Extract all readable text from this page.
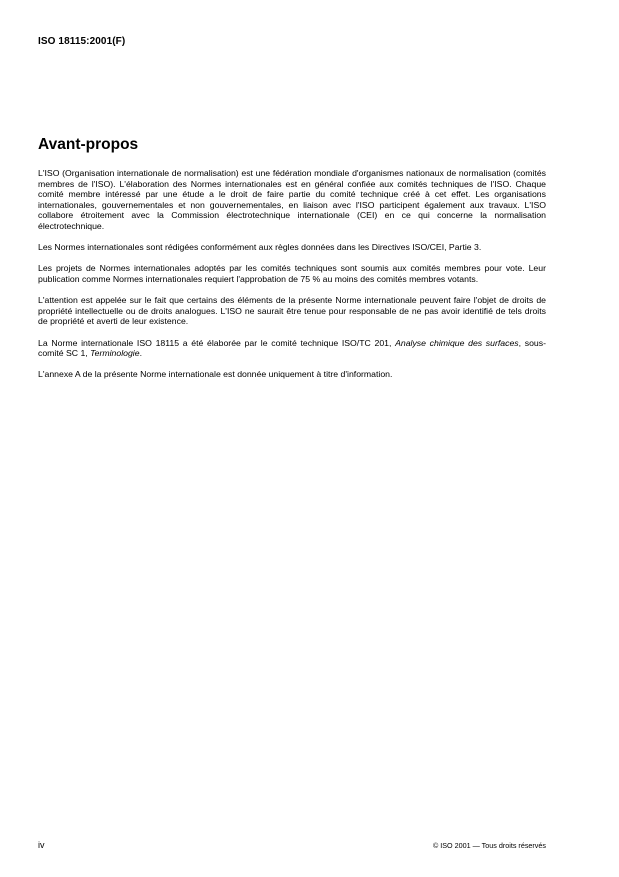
ISO 18115:2001(F)
Avant-propos

L'ISO (Organisation internationale de normalisation) est une fédération mondiale d'organismes nationaux de normalisation (comités membres de l'ISO). L'élaboration des Normes internationales est en général confiée aux comités techniques de l'ISO. Chaque comité membre intéressé par une étude a le droit de faire partie du comité technique créé à cet effet. Les organisations internationales, gouvernementales et non gouvernementales, en liaison avec l'ISO participent également aux travaux. L'ISO collabore étroitement avec la Commission électrotechnique internationale (CEI) en ce qui concerne la normalisation électrotechnique.

Les Normes internationales sont rédigées conformément aux règles données dans les Directives ISO/CEI, Partie 3.

Les projets de Normes internationales adoptés par les comités techniques sont soumis aux comités membres pour vote. Leur publication comme Normes internationales requiert l'approbation de 75 % au moins des comités membres votants.

L'attention est appelée sur le fait que certains des éléments de la présente Norme internationale peuvent faire l'objet de droits de propriété intellectuelle ou de droits analogues. L'ISO ne saurait être tenue pour responsable de ne pas avoir identifié de tels droits de propriété et averti de leur existence.

La Norme internationale ISO 18115 a été élaborée par le comité technique ISO/TC 201, Analyse chimique des surfaces, sous-comité SC 1, Terminologie.

L'annexe A de la présente Norme internationale est donnée uniquement à titre d'information.

iv	© ISO 2001 — Tous droits réservés
